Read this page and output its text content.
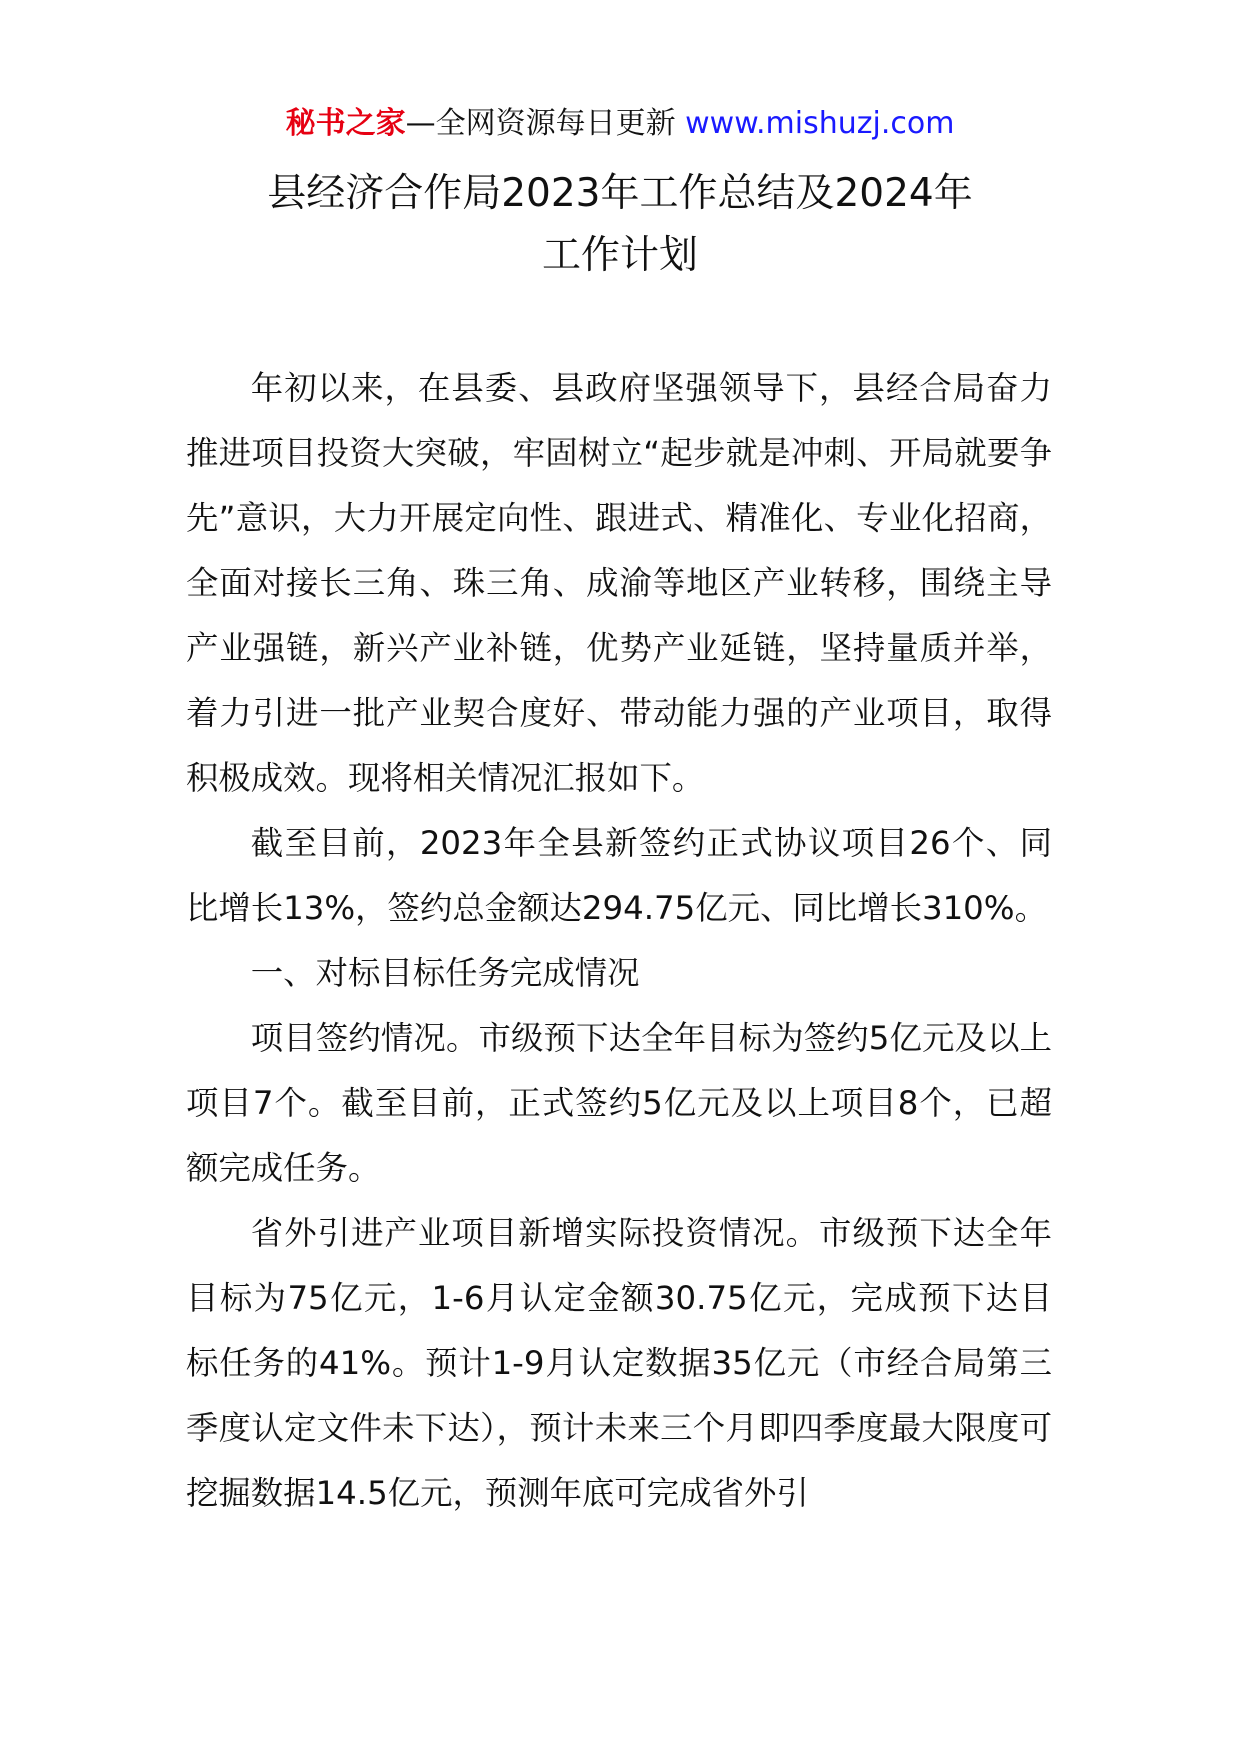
秘书之家—全网资源每日更新 www.mishuzj.com
县经济合作局2023年工作总结及2024年
工作计划

年初以来，在县委、县政府坚强领导下，县经合局奋力推进项目投资大突破，牢固树立“起步就是冲刺、开局就要争先”意识，大力开展定向性、跟进式、精准化、专业化招商，全面对接长三角、珠三角、成渝等地区产业转移，围绕主导产业强链，新兴产业补链，优势产业延链，坚持量质并举，着力引进一批产业契合度好、带动能力强的产业项目，取得积极成效。现将相关情况汇报如下。

截至目前，2023年全县新签约正式协议项目26个、同比增长13%，签约总金额达294.75亿元、同比增长310%。

一、对标目标任务完成情况

项目签约情况。市级预下达全年目标为签约5亿元及以上项目7个。截至目前，正式签约5亿元及以上项目8个，已超额完成任务。

省外引进产业项目新增实际投资情况。市级预下达全年目标为75亿元，1-6月认定金额30.75亿元，完成预下达目标任务的41%。预计1-9月认定数据35亿元（市经合局第三季度认定文件未下达），预计未来三个月即四季度最大限度可挖掘数据14.5亿元，预测年底可完成省外引
